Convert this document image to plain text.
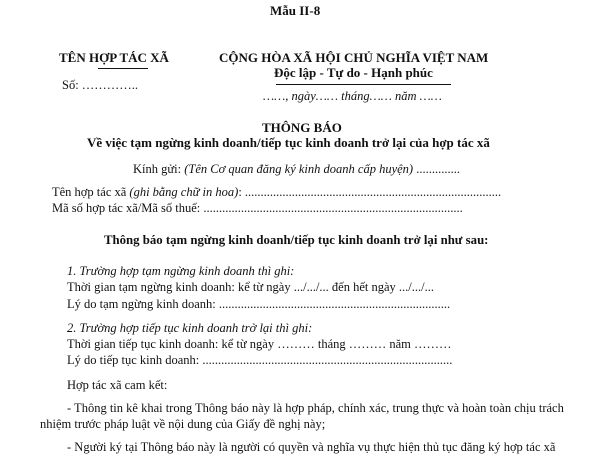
Mẫu II-8
TÊN HỢP TÁC XÃ
Số: …………..
CỘNG HÒA XÃ HỘI CHỦ NGHĨA VIỆT NAM
Độc lập - Tự do - Hạnh phúc
……, ngày…… tháng…… năm ……
THÔNG BÁO
Về việc tạm ngừng kinh doanh/tiếp tục kinh doanh trở lại của hợp tác xã
Kính gửi: (Tên Cơ quan đăng ký kinh doanh cấp huyện) ..............
Tên hợp tác xã (ghi bằng chữ in hoa): ..................................................................................
Mã số hợp tác xã/Mã số thuế: ...................................................................................
Thông báo tạm ngừng kinh doanh/tiếp tục kinh doanh trở lại như sau:
1. Trường hợp tạm ngừng kinh doanh thì ghi:
Thời gian tạm ngừng kinh doanh: kể từ ngày .../.../... đến hết ngày .../.../...
Lý do tạm ngừng kinh doanh: ..........................................................................
2. Trường hợp tiếp tục kinh doanh trở lại thì ghi:
Thời gian tiếp tục kinh doanh: kể từ ngày ……… tháng ……… năm ………
Lý do tiếp tục kinh doanh: ................................................................................
Hợp tác xã cam kết:
- Thông tin kê khai trong Thông báo này là hợp pháp, chính xác, trung thực và hoàn toàn chịu trách
nhiệm trước pháp luật về nội dung của Giấy đề nghị này;
- Người ký tại Thông báo này là người có quyền và nghĩa vụ thực hiện thủ tục đăng ký hợp tác xã
